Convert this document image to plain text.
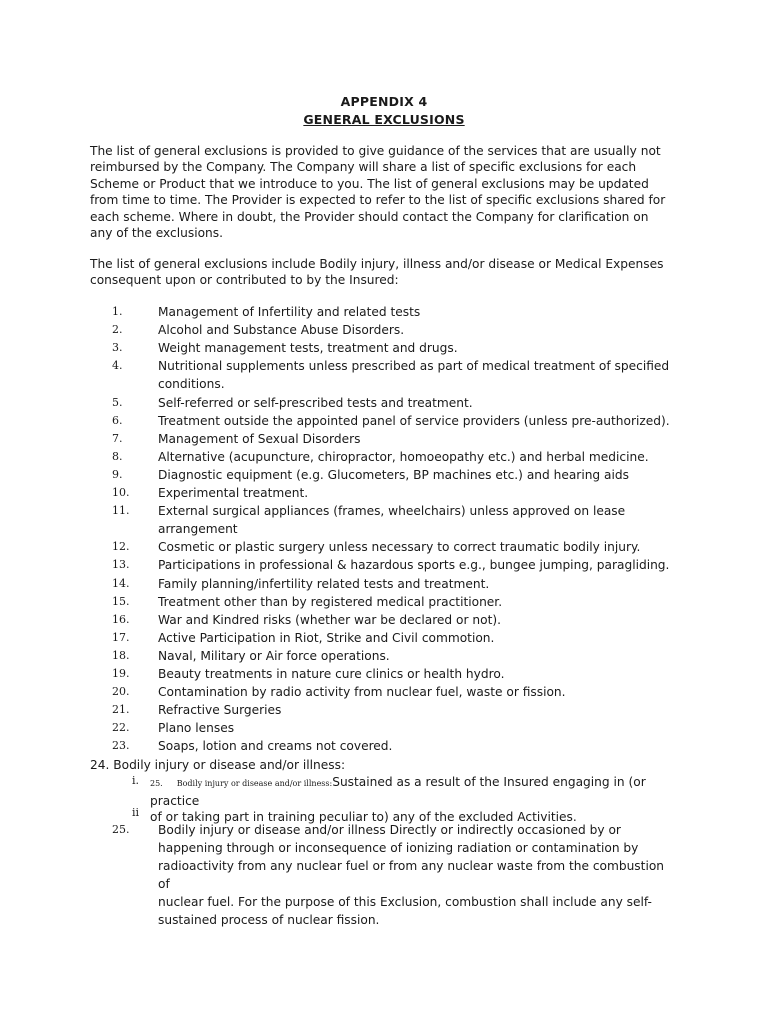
APPENDIX 4
GENERAL EXCLUSIONS
The list of general exclusions is provided to give guidance of the services that are usually not
reimbursed by the Company. The Company will share a list of specific exclusions for each
Scheme or Product that we introduce to you. The list of general exclusions may be updated
from time to time. The Provider is expected to refer to the list of specific exclusions shared for
each scheme. Where in doubt, the Provider should contact the Company for clarification on
any of the exclusions.
The list of general exclusions include Bodily injury, illness and/or disease or Medical Expenses
consequent upon or contributed to by the Insured:
1.	Management of Infertility and related tests
2.	Alcohol and Substance Abuse Disorders.
3.	Weight management tests, treatment and drugs.
4.	Nutritional supplements unless prescribed as part of medical treatment of specified
conditions.
5.	Self-referred or self-prescribed tests and treatment.
6.	Treatment outside the appointed panel of service providers (unless pre-authorized).
7.	Management of Sexual Disorders
8.	Alternative (acupuncture, chiropractor, homoeopathy etc.) and herbal medicine.
9.	Diagnostic equipment (e.g. Glucometers, BP machines etc.) and hearing aids
10.	Experimental treatment.
11.	External surgical appliances (frames, wheelchairs) unless approved on lease
arrangement
12.	Cosmetic or plastic surgery unless necessary to correct traumatic bodily injury.
13.	Participations in professional & hazardous sports e.g., bungee jumping, paragliding.
14.	Family planning/infertility related tests and treatment.
15.	Treatment other than by registered medical practitioner.
16.	War and Kindred risks (whether war be declared or not).
17.	Active Participation in Riot, Strike and Civil commotion.
18.	Naval, Military or Air force operations.
19.	Beauty treatments in nature cure clinics or health hydro.
20.	Contamination by radio activity from nuclear fuel, waste or fission.
21.	Refractive Surgeries
22.	Plano lenses
23.	Soaps, lotion and creams not covered.
24. Bodily injury or disease and/or illness:
i. 25. Bodily injury or disease and/or illness:Sustained as a result of the Insured engaging in (or practice
of or taking part in training peculiar to) any of the excluded Activities.
ii
25. Bodily injury or disease and/or illness Directly or indirectly occasioned by or
happening through or inconsequence of ionizing radiation or contamination by
radioactivity from any nuclear fuel or from any nuclear waste from the combustion of
nuclear fuel. For the purpose of this Exclusion, combustion shall include any self-
sustained process of nuclear fission.
